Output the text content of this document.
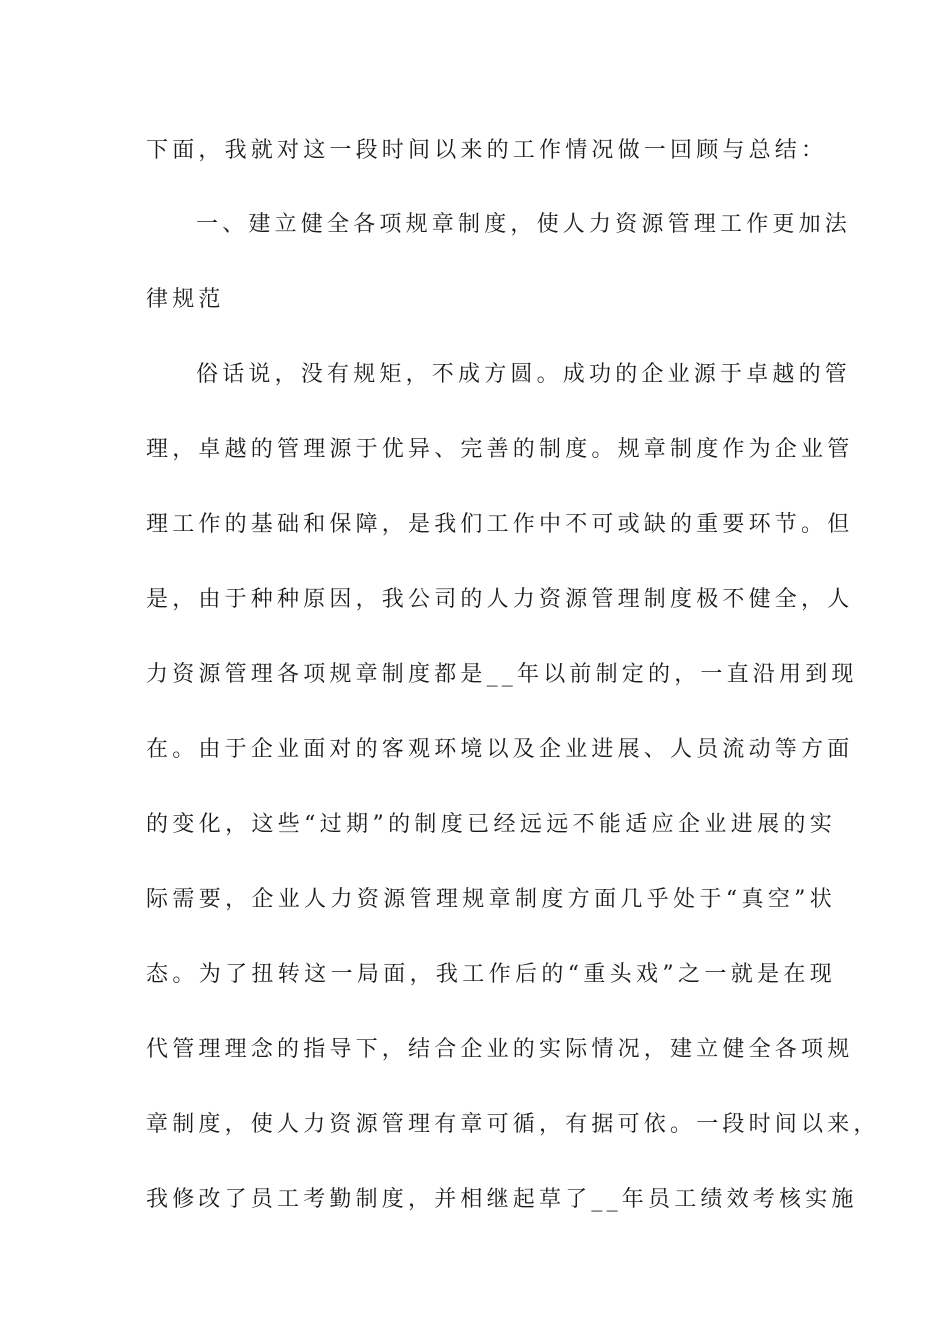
下面，我就对这一段时间以来的工作情况做一回顾与总结：
一、建立健全各项规章制度，使人力资源管理工作更加法
律规范
俗话说，没有规矩，不成方圆。成功的企业源于卓越的管
理，卓越的管理源于优异、完善的制度。规章制度作为企业管
理工作的基础和保障，是我们工作中不可或缺的重要环节。但
是，由于种种原因，我公司的人力资源管理制度极不健全，人
力资源管理各项规章制度都是__年以前制定的，一直沿用到现
在。由于企业面对的客观环境以及企业进展、人员流动等方面
的变化，这些“过期”的制度已经远远不能适应企业进展的实
际需要，企业人力资源管理规章制度方面几乎处于“真空”状
态。为了扭转这一局面，我工作后的“重头戏”之一就是在现
代管理理念的指导下，结合企业的实际情况，建立健全各项规
章制度，使人力资源管理有章可循，有据可依。一段时间以来，
我修改了员工考勤制度，并相继起草了__年员工绩效考核实施
